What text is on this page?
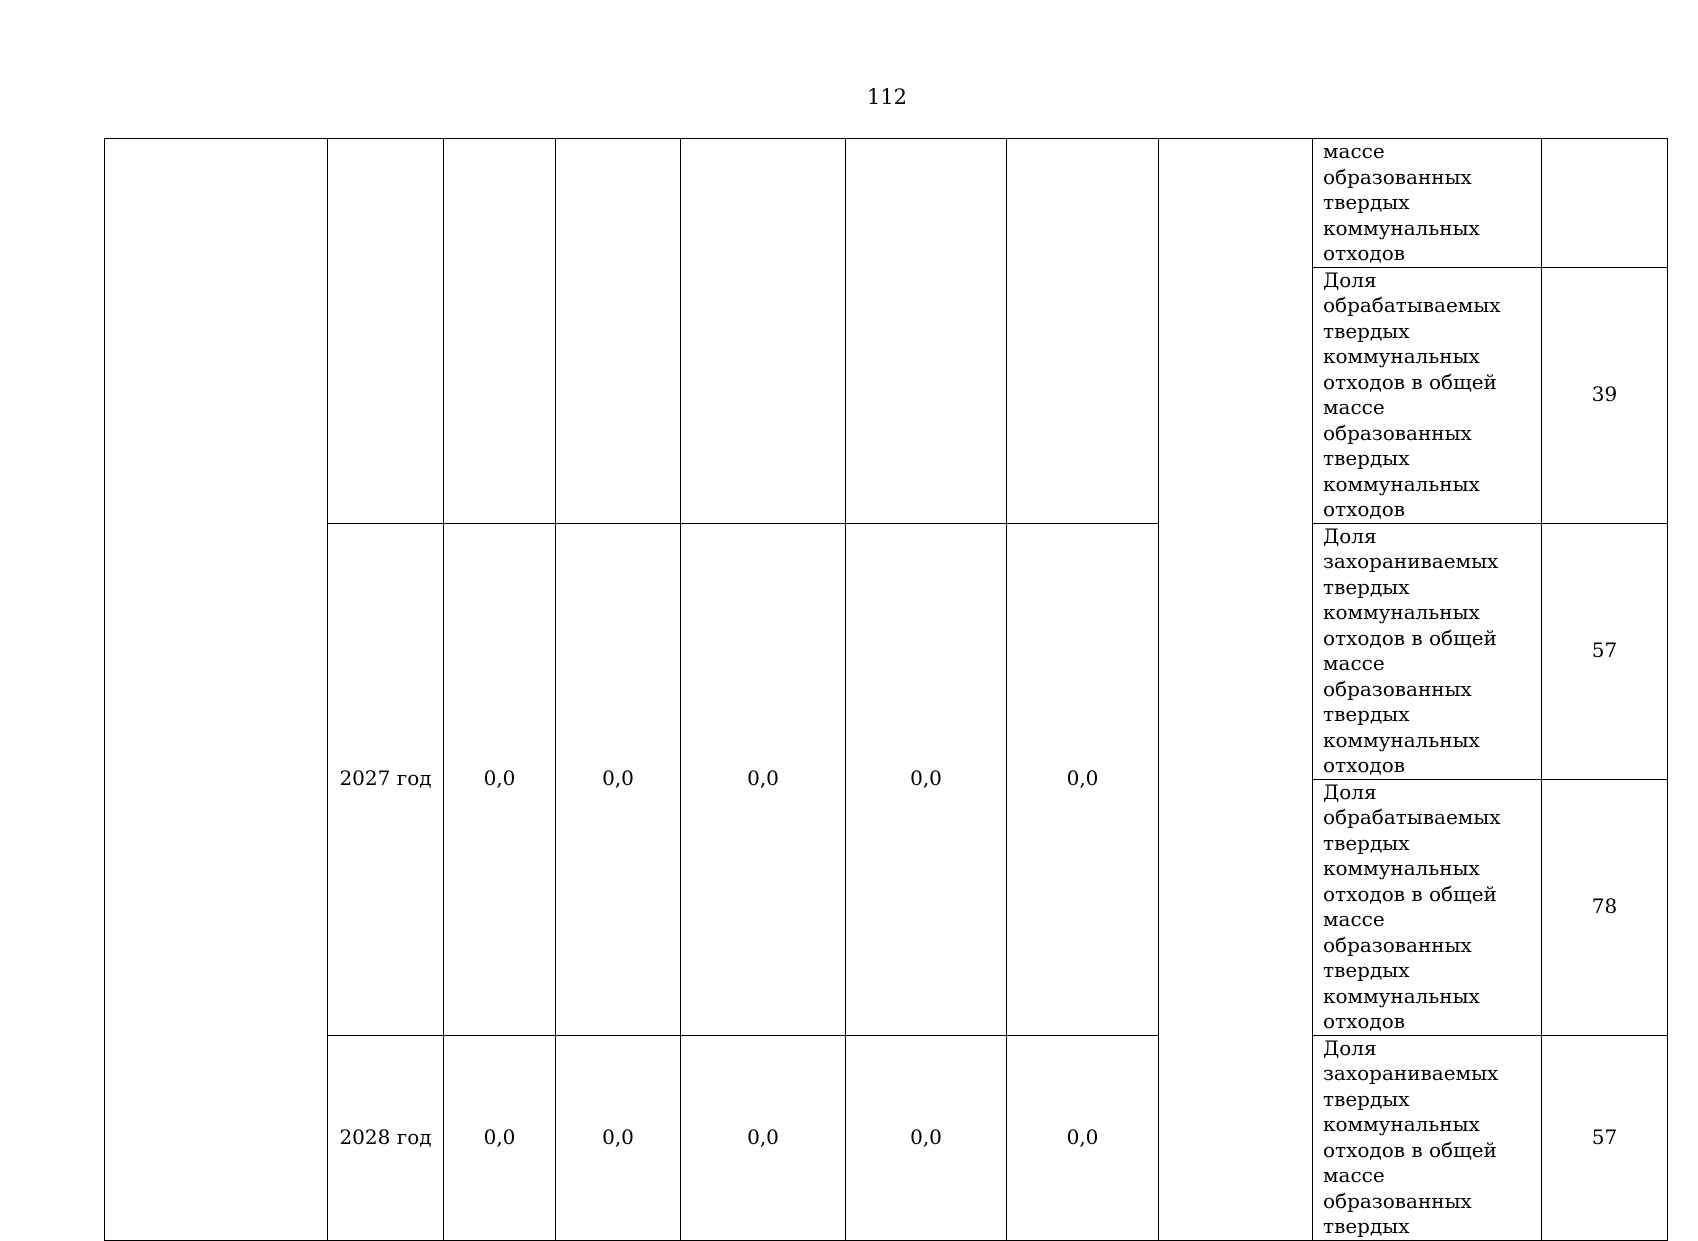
112

								массе образованных твердых коммунальных отходов	

								Доля обрабатываемых твердых коммунальных отходов в общей массе образованных твердых коммунальных отходов	39
	2027 год	0,0	0,0	0,0	0,0	0,0		Доля захораниваемых твердых коммунальных отходов в общей массе образованных твердых коммунальных отходов	57

								Доля обрабатываемых твердых коммунальных отходов в общей массе образованных твердых коммунальных отходов	78
	2028 год	0,0	0,0	0,0	0,0	0,0		Доля захораниваемых твердых коммунальных отходов в общей массе образованных твердых	57
